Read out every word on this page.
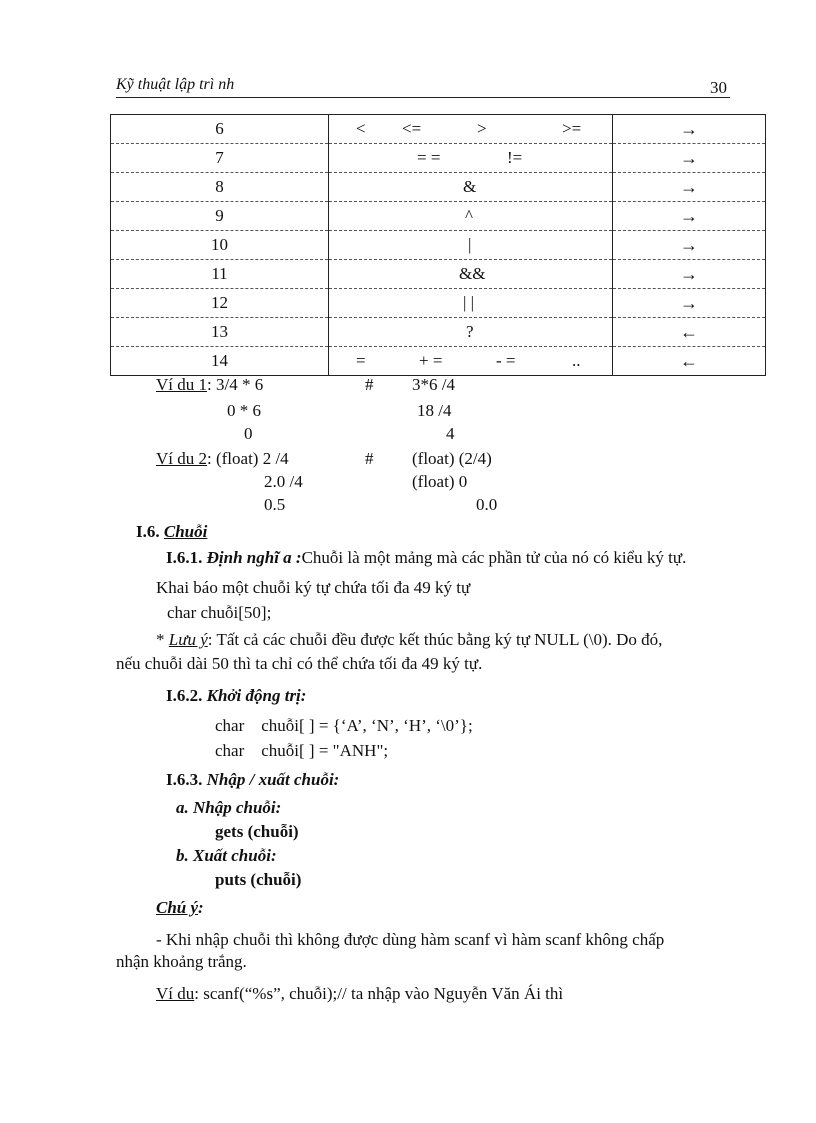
Kỹ thuật lập trì nh	30
6	< <= > >=	→
7	= = !=	→
8	&	→
9	^	→
10	|	→
11	&&	→
12	| |	→
13	?	←
14	= + = - = ..	←
Ví du 1: 3/4 * 6	# 3*6 /4
0 * 6	18 /4
0	4
Ví du 2: (float) 2 /4	# (float) (2/4)
2.0 /4	(float) 0
0.5	0.0
I.6. Chuỗi
I.6.1. Định nghĩ a :Chuỗi là một mảng mà các phần tử của nó có kiểu ký tự.
Khai báo một chuỗi ký tự chứa tối đa 49 ký tự
char chuỗi[50];
* Lưu ý: Tất cả các chuỗi đều được kết thúc bằng ký tự NULL (\0). Do đó,
nếu chuỗi dài 50 thì ta chỉ có thể chứa tối đa 49 ký tự.
I.6.2. Khởi động trị:
char    chuỗi[ ] = {‘A’, ‘N’, ‘H’, ‘\0’};
char    chuỗi[ ] = "ANH";
I.6.3. Nhập / xuất chuỗi:
a. Nhập chuỗi:
gets (chuỗi)
b. Xuất chuỗi:
puts (chuỗi)
Chú ý:
- Khi nhập chuỗi thì không được dùng hàm scanf vì hàm scanf không chấp
nhận khoảng trắng.
Ví du: scanf(“%s”, chuỗi);// ta nhập vào Nguyễn Văn Ái thì
